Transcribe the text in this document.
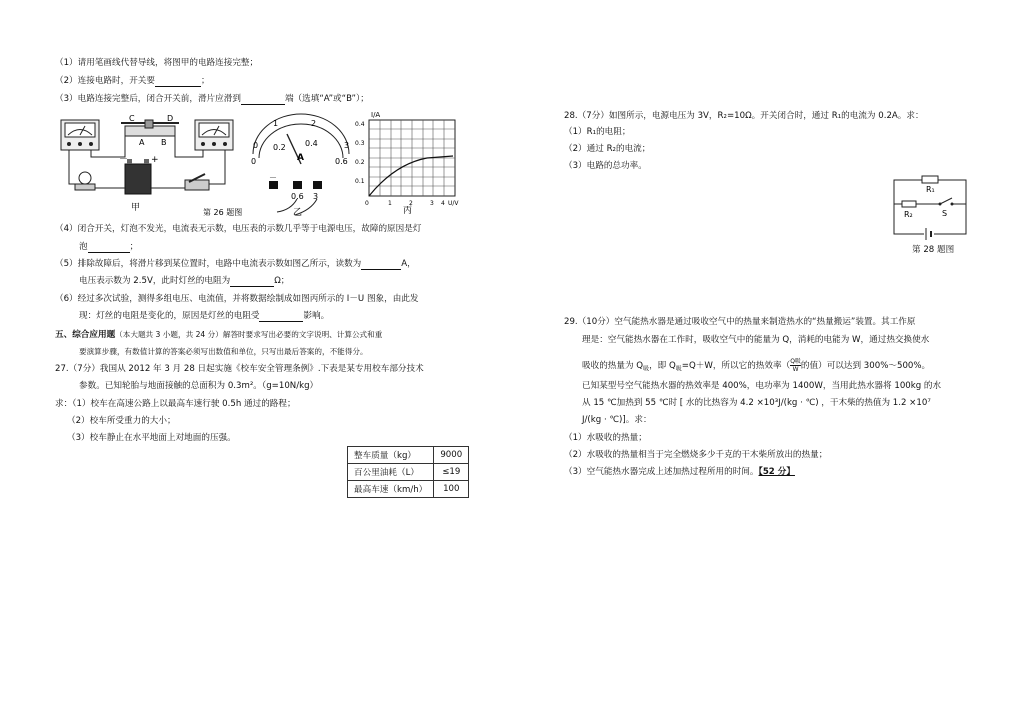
（1）请用笔画线代替导线，将图甲的电路连接完整；
（2）连接电路时，开关要	；
（3）电路连接完整后，闭合开关前，滑片应滑到	端（选填“A”或“B”）；
C	D
A B
－	+
甲
0
1	2
3
0
0.2 0.4
0.6
A
－
0.6 3
乙
I/A
0.4
0.3
0.2
0.1
0	1	2	3 4 U/V
丙
第 26 题图
（4）闭合开关，灯泡不发光，电流表无示数，电压表的示数几乎等于电源电压，故障的原因是灯
泡	；
（5）排除故障后，将滑片移到某位置时，电路中电流表示数如图乙所示，读数为	A，
电压表示数为 2.5V，此时灯丝的电阻为	Ω；
（6）经过多次试验，测得多组电压、电流值，并将数据绘制成如图丙所示的 I－U 图象，由此发
现：灯丝的电阻是变化的，原因是灯丝的电阻受	影响。
五、综合应用题（本大题共 3 小题，共 24 分）解答时要求写出必要的文字说明、计算公式和重
要演算步骤，有数值计算的答案必须写出数值和单位，只写出最后答案的，不能得分。
27.（7分）我国从 2012 年 3 月 28 日起实施《校车安全管理条例》.下表是某专用校车部分技术
参数。已知轮胎与地面接触的总面积为 0.3m²。（g=10N/kg）
求：（1）校车在高速公路上以最高车速行驶 0.5h 通过的路程；
（2）校车所受重力的大小；
（3）校车静止在水平地面上对地面的压强。
整车质量（kg）	9000
百公里油耗（L）	≤19
最高车速（km/h）	100
28.（7分）如图所示，电源电压为 3V，R₂=10Ω。开关闭合时，通过 R₁的电流为 0.2A。求：
（1）R₁的电阻；
（2）通过 R₂的电流；
（3）电路的总功率。
R₁
R₂	S
第 28 题图
29.（10分）空气能热水器是通过吸收空气中的热量来制造热水的“热量搬运”装置。其工作原
理是：空气能热水器在工作时，吸收空气中的能量为 Q，消耗的电能为 W，通过热交换使水
吸收的热量为 $Q_吸$，即 $Q_吸=Q+W$，所以它的热效率（ Q吸
W 的值）可以达到 300%～500%。
已知某型号空气能热水器的热效率是 400%，电功率为 1400W，当用此热水器将 100kg 的水
从 15 ℃加热到 55 ℃时 [ 水的比热容为 4.2 ×10³J/(kg · ℃) ，干木柴的热值为 1.2 ×10⁷
J/(kg · ℃)]。求：
（1）水吸收的热量；
（2）水吸收的热量相当于完全燃烧多少千克的干木柴所放出的热量；
（3）空气能热水器完成上述加热过程所用的时间。【52 分】
